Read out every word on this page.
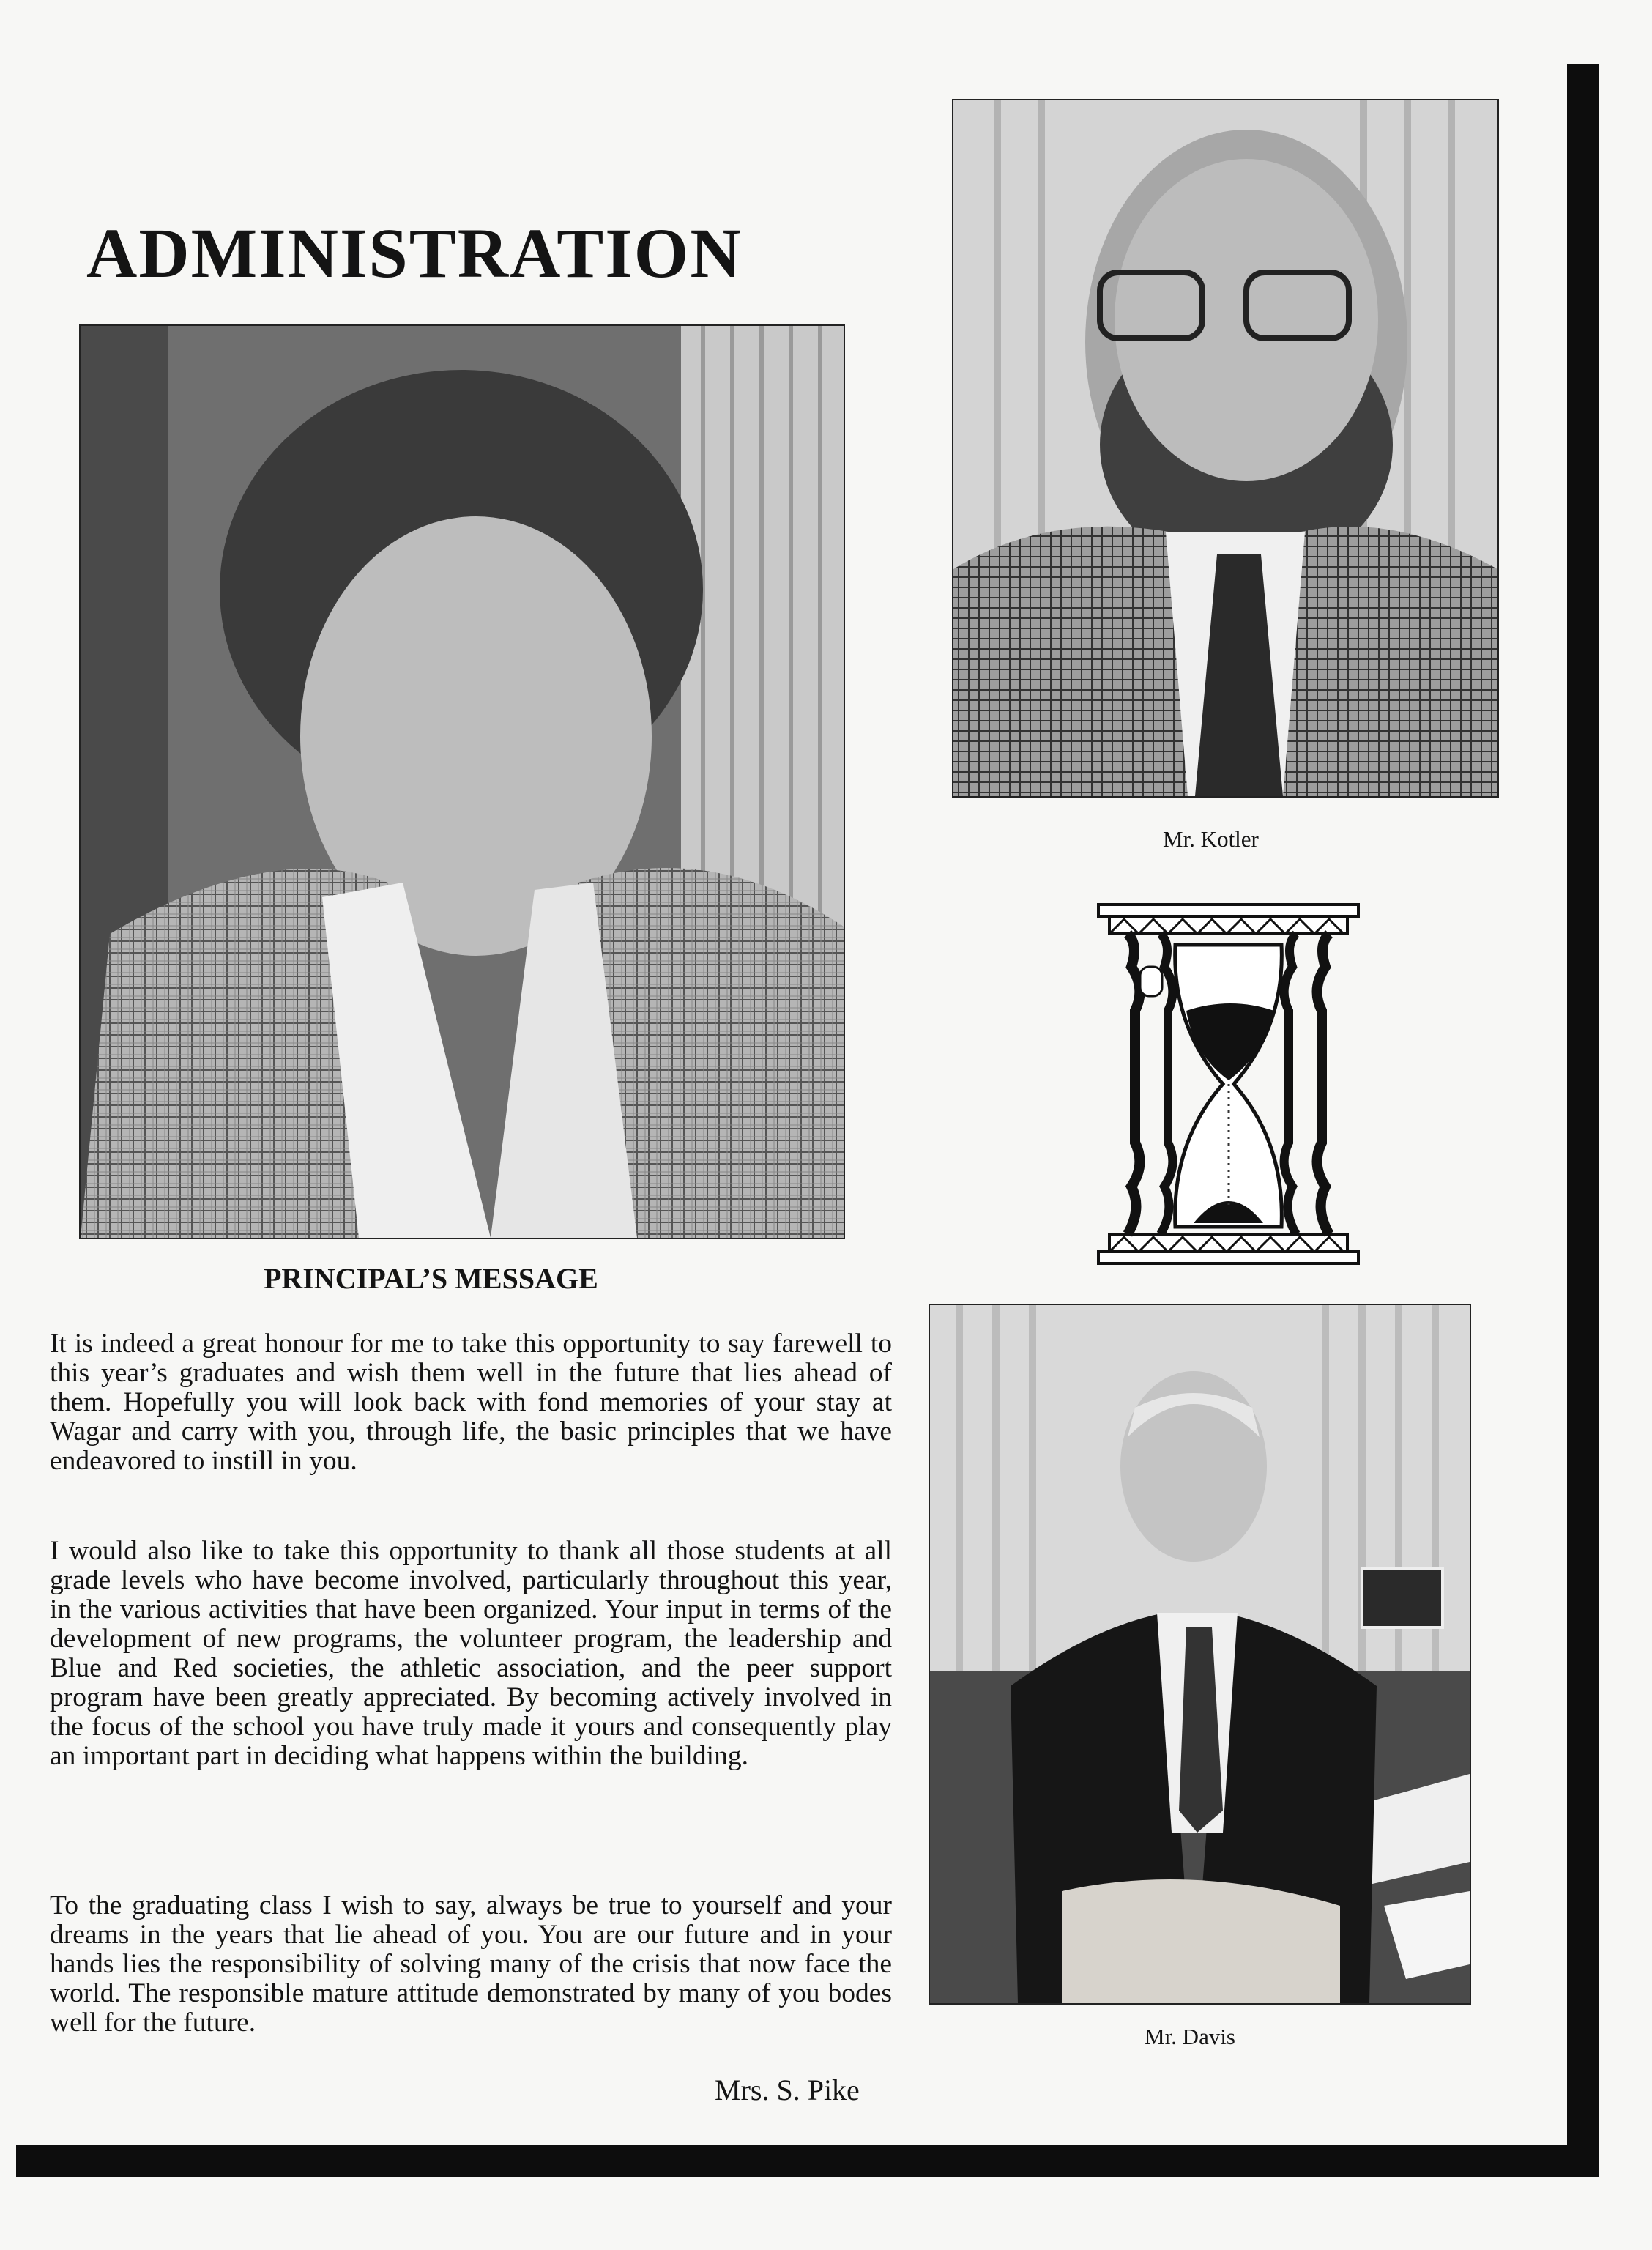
ADMINISTRATION
PRINCIPAL’S MESSAGE
It is indeed a great honour for me to take this opportunity to say farewell to this year’s graduates and wish them well in the future that lies ahead of them. Hopefully you will look back with fond memories of your stay at Wagar and carry with you, through life, the basic principles that we have endeavored to instill in you.
I would also like to take this opportunity to thank all those students at all grade levels who have become involved, particularly throughout this year, in the various activities that have been organized. Your input in terms of the development of new programs, the volunteer program, the leadership and Blue and Red societies, the athletic association, and the peer support program have been greatly appreciated. By becoming actively involved in the focus of the school you have truly made it yours and consequently play an important part in deciding what happens within the building.
To the graduating class I wish to say, always be true to yourself and your dreams in the years that lie ahead of you. You are our future and in your hands lies the responsibility of solving many of the crisis that now face the world. The responsible mature attitude demonstrated by many of you bodes well for the future.
Mrs. S. Pike
Mr. Kotler
Mr. Davis
